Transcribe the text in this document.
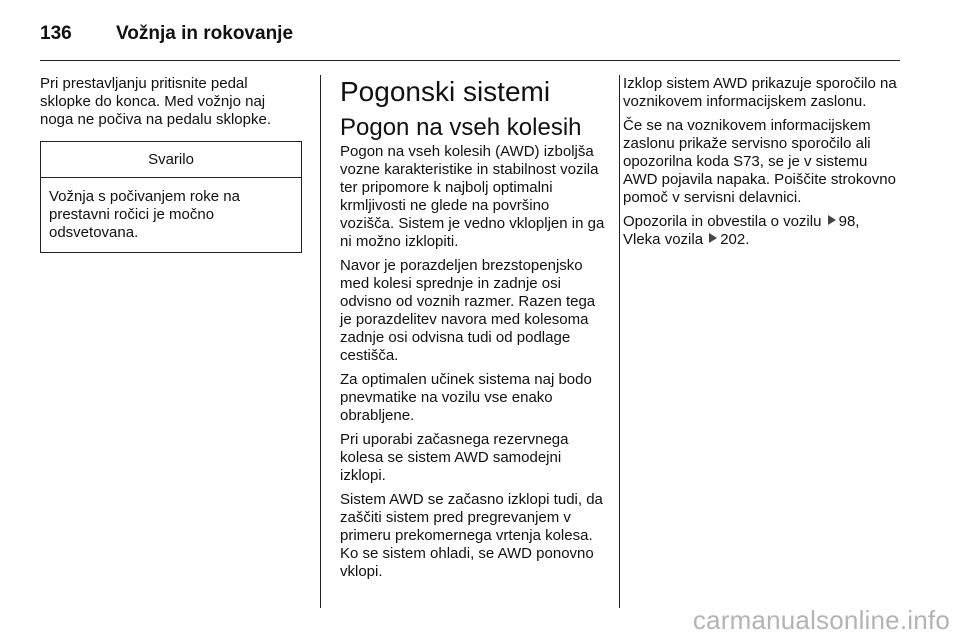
136 Vožnja in rokovanje

Pri prestavljanju pritisnite pedal sklopke do konca. Med vožnjo naj noga ne počiva na pedalu sklopke.

Svarilo
Vožnja s počivanjem roke na prestavni ročici je močno odsvetovana.
Pogonski sistemi
Pogon na vseh kolesih

Pogon na vseh kolesih (AWD) izboljša vozne karakteristike in stabilnost vozila ter pripomore k najbolj optimalni krmljivosti ne glede na površino vozišča. Sistem je vedno vklopljen in ga ni možno izklopiti.

Navor je porazdeljen brezstopenjsko med kolesi sprednje in zadnje osi odvisno od voznih razmer. Razen tega je porazdelitev navora med kolesoma zadnje osi odvisna tudi od podlage cestišča.

Za optimalen učinek sistema naj bodo pnevmatike na vozilu vse enako obrabljene.

Pri uporabi začasnega rezervnega kolesa se sistem AWD samodejni izklopi.

Sistem AWD se začasno izklopi tudi, da zaščiti sistem pred pregrevanjem v primeru prekomernega vrtenja kolesa. Ko se sistem ohladi, se AWD ponovno vklopi.

Izklop sistem AWD prikazuje sporočilo na voznikovem informacijskem zaslonu.

Če se na voznikovem informacijskem zaslonu prikaže servisno sporočilo ali opozorilna koda S73, se je v sistemu AWD pojavila napaka. Poiščite strokovno pomoč v servisni delavnici.

Opozorila in obvestila o vozilu 98,
Vleka vozila 202.

carmanualsonline.info
